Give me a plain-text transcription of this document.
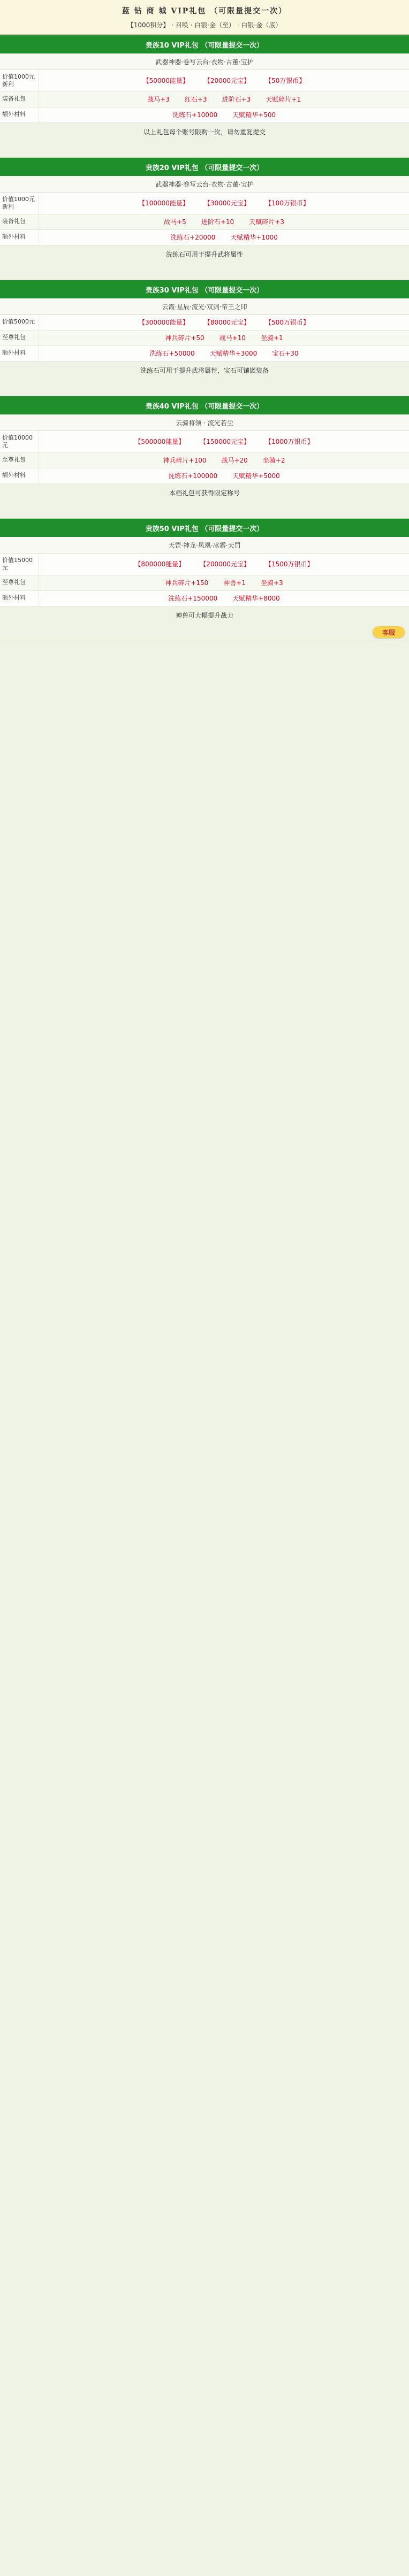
蓝 钻 商 城 VIP礼包 （可限量提交一次）
【1000积分】 · 召唤 · 白银·金（至） · 白银·金（底）
贵族10 VIP礼包 （可限量提交一次）
武器神器·卷写云台·衣物·古董·宝护
价值1000元新利	【50000能量】 【20000元宝】 【50万银币】
装备礼包	战马+3 红石+3 进阶石+3 天赋碎片+1
额外材料	洗练石+10000 天赋精华+500
以上礼包每个账号限购一次，请勿重复提交
贵族20 VIP礼包 （可限量提交一次）
武器神器·卷写云台·衣物·古董·宝护
价值1000元新利	【100000能量】 【30000元宝】 【100万银币】
装备礼包	战马+5 进阶石+10 天赋碎片+3
额外材料	洗练石+20000 天赋精华+1000
洗练石可用于提升武将属性
贵族30 VIP礼包 （可限量提交一次）
云霞·星辰·流光·双剑·帝王之印
价值5000元	【300000能量】 【80000元宝】 【500万银币】
至尊礼包	神兵碎片+50 战马+10 坐骑+1
额外材料	洗练石+50000 天赋精华+3000 宝石+30
洗练石可用于提升武将属性，宝石可镶嵌装备
贵族40 VIP礼包 （可限量提交一次）
云骑将领 · 流光若尘
价值10000元	【500000能量】 【150000元宝】 【1000万银币】
至尊礼包	神兵碎片+100 战马+20 坐骑+2
额外材料	洗练石+100000 天赋精华+5000
本档礼包可获得限定称号
贵族50 VIP礼包 （可限量提交一次）
天罡·神龙·凤凰·冰霜·天罚
价值15000元	【800000能量】 【200000元宝】 【1500万银币】
至尊礼包	神兵碎片+150 神兽+1 坐骑+3
额外材料	洗练石+150000 天赋精华+8000
神兽可大幅提升战力
客服
